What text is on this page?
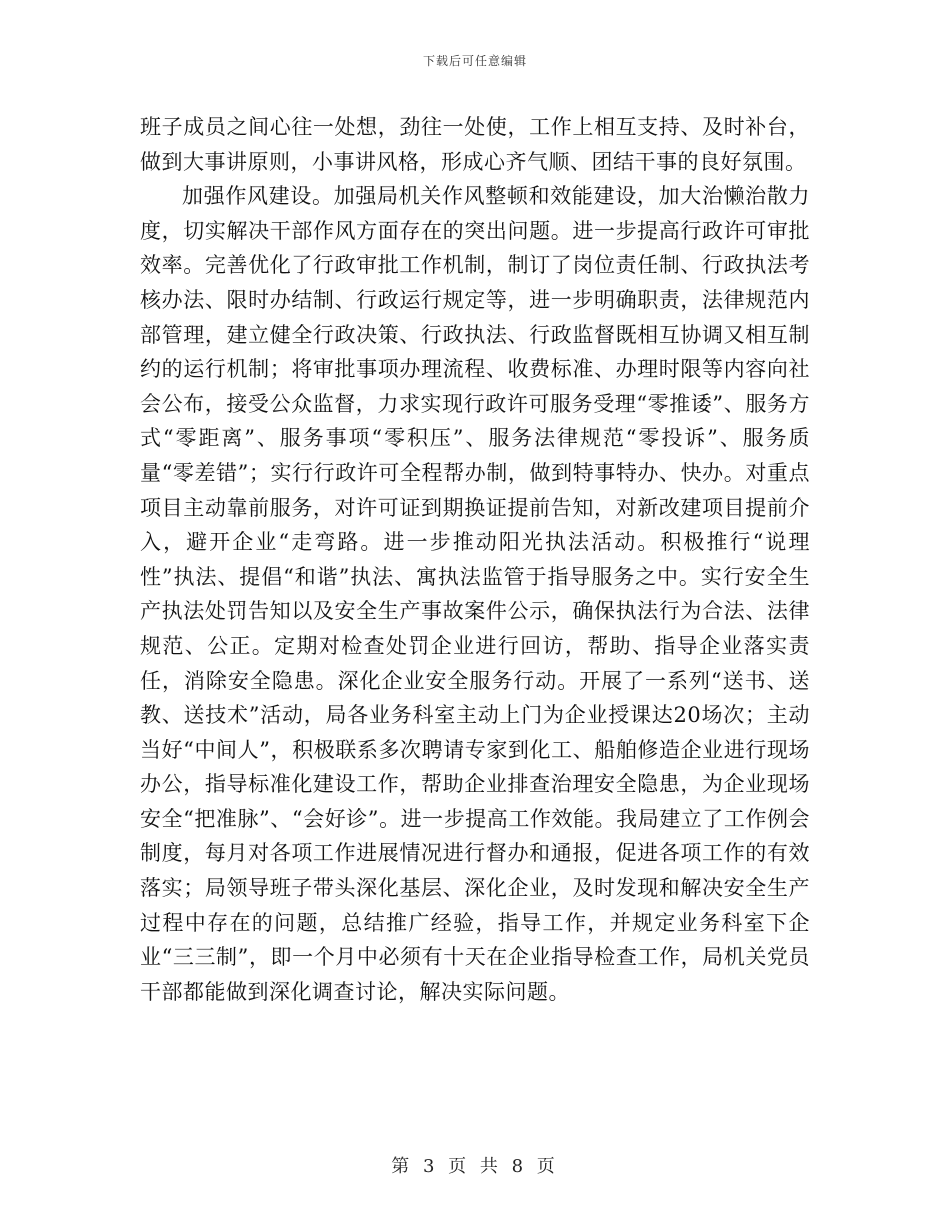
下载后可任意编辑

班子成员之间心往一处想，劲往一处使，工作上相互支持、及时补台，做到大事讲原则，小事讲风格，形成心齐气顺、团结干事的良好氛围。

加强作风建设。加强局机关作风整顿和效能建设，加大治懒治散力度，切实解决干部作风方面存在的突出问题。进一步提高行政许可审批效率。完善优化了行政审批工作机制，制订了岗位责任制、行政执法考核办法、限时办结制、行政运行规定等，进一步明确职责，法律规范内部管理，建立健全行政决策、行政执法、行政监督既相互协调又相互制约的运行机制；将审批事项办理流程、收费标准、办理时限等内容向社会公布，接受公众监督，力求实现行政许可服务受理“零推诿”、服务方式“零距离”、服务事项“零积压”、服务法律规范“零投诉”、服务质量“零差错”；实行行政许可全程帮办制，做到特事特办、快办。对重点项目主动靠前服务，对许可证到期换证提前告知，对新改建项目提前介入，避开企业“走弯路。进一步推动阳光执法活动。积极推行“说理性”执法、提倡“和谐”执法、寓执法监管于指导服务之中。实行安全生产执法处罚告知以及安全生产事故案件公示，确保执法行为合法、法律规范、公正。定期对检查处罚企业进行回访，帮助、指导企业落实责任，消除安全隐患。深化企业安全服务行动。开展了一系列“送书、送教、送技术”活动，局各业务科室主动上门为企业授课达20场次；主动当好“中间人”，积极联系多次聘请专家到化工、船舶修造企业进行现场办公，指导标准化建设工作，帮助企业排查治理安全隐患，为企业现场安全“把准脉”、“会好诊”。进一步提高工作效能。我局建立了工作例会制度，每月对各项工作进展情况进行督办和通报，促进各项工作的有效落实；局领导班子带头深化基层、深化企业，及时发现和解决安全生产过程中存在的问题，总结推广经验，指导工作，并规定业务科室下企业“三三制”，即一个月中必须有十天在企业指导检查工作，局机关党员干部都能做到深化调查讨论，解决实际问题。

第 3 页 共 8 页
